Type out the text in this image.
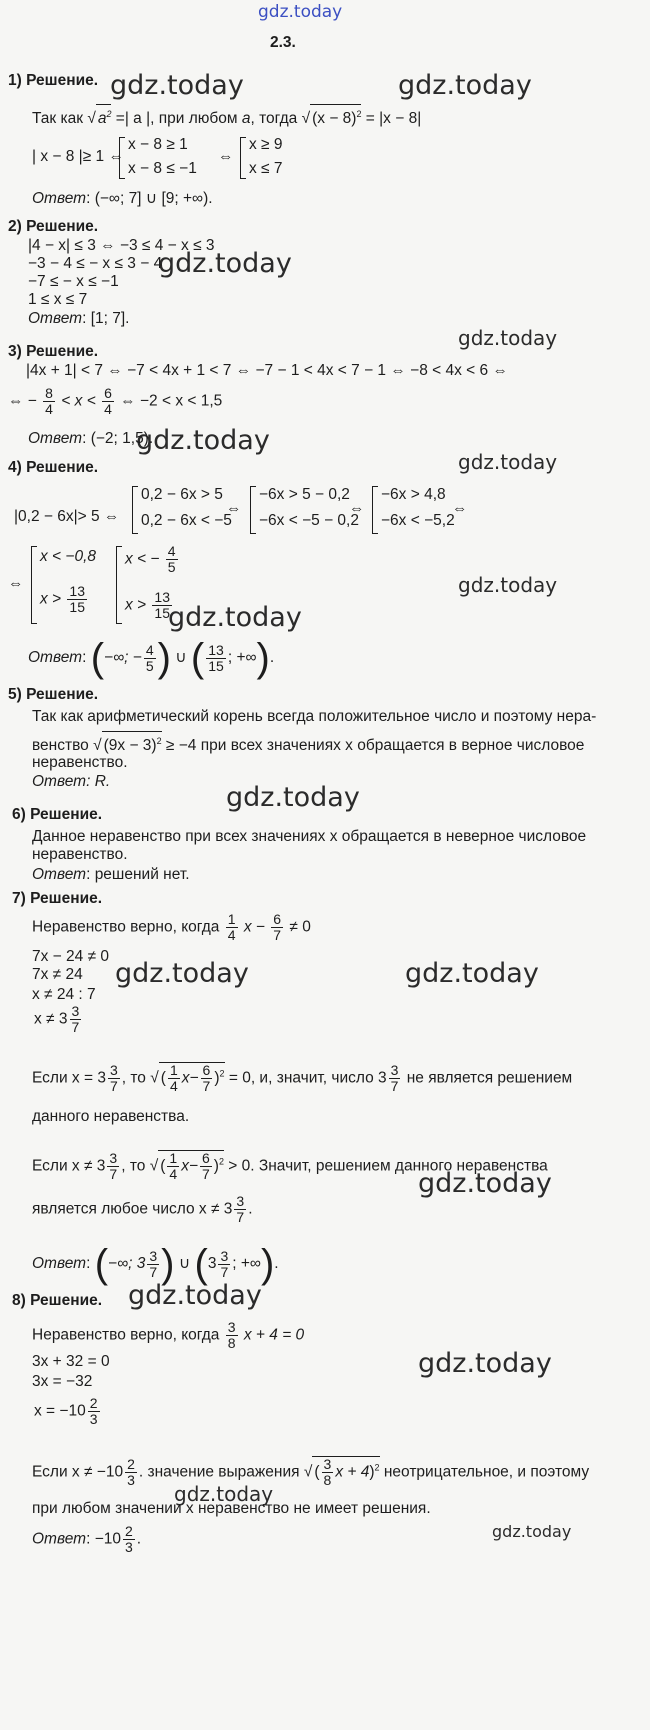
gdz.today
2.3.
gdz.today	gdz.today
gdz.today
gdz.today
gdz.today
gdz.today
gdz.today
gdz.today
gdz.today
gdz.today	gdz.today
gdz.today
gdz.today
gdz.today
gdz.today
gdz.today
1) Решение.
Так как √ $a^2$ =| a |, при любом a, тогда √ $(x - 8)^2 = |x - 8|$
| x − 8 |≥ 1 ⇔
x − 8 ≥ 1
x − 8 ≤ −1
⇔
x ≥ 9
x ≤ 7
Ответ: (−∞; 7] ∪ [9; +∞).
2) Решение.
|4 − x| ≤ 3 ⇔ −3 ≤ 4 − x ≤ 3
−3 − 4 ≤ − x ≤ 3 − 4
−7 ≤ − x ≤ −1
1 ≤ x ≤ 7
Ответ: [1; 7].
3) Решение.
|4x + 1| < 7 ⇔ −7 < 4x + 1 < 7 ⇔ −7 − 1 < 4x < 7 − 1 ⇔ −8 < 4x < 6 ⇔
⇔ − $\frac{8}{4} < x < \frac{6}{4}$ ⇔ −2 < x < 1,5
Ответ: (−2; 1,5).
4) Решение.
|0,2 − 6x|> 5 ⇔
0,2 − 6x > 5
0,2 − 6x < −5
⇔
−6x > 5 − 0,2
−6x < −5 − 0,2
⇔
−6x > 4,8
−6x < −5,2
⇔
⇔
x < −0,8
$x > \frac{13}{15}$
x < − $\frac{4}{5}$
$x > \frac{13}{15}$
Ответ: (−∞; − $\frac{4}{5}$ ) ∪ ( $\frac{13}{15}$ ; +∞).
5) Решение.
Так как арифметический корень всегда положительное число и поэтому нера-
венство √ $(9x - 3)^2 \ge -4$ при всех значениях x обращается в верное числовое
неравенство.
Ответ: R.
6) Решение.
Данное неравенство при всех значениях x обращается в неверное числовое
неравенство.
Ответ: решений нет.
7) Решение.
Неравенство верно, когда $\frac{1}{4}$ $x - \frac{6}{7} \ne 0$
7x − 24 ≠ 0
7x ≠ 24
x ≠ 24 : 7
$x \ne 3 \frac{3}{7}$
Если $x = 3 \frac{3}{7}$ , то √ ( $\frac{1}{4} x- \frac{6}{7} )^2 = 0$, и, значит, число $3 \frac{3}{7}$ не является решением
данного неравенства.
Если $x \ne 3 \frac{3}{7}$ , то √ ( $\frac{1}{4} x- \frac{6}{7} )^2 > 0$. Значит, решением данного неравенства
является любое число $x \ne 3 \frac{3}{7}$ .
Ответ: (−∞; $3 \frac{3}{7}$ ) ∪ ($3 \frac{3}{7}$ ; +∞).
8) Решение.
Неравенство верно, когда $\frac{3}{8}$ x + 4 = 0
3x + 32 = 0
3x = −32
$x = -10 \frac{2}{3}$
Если $x \ne -10 \frac{2}{3}$ . значение выражения √ ( $\frac{3}{8}$ x + 4)$^2$ неотрицательное, и поэтому
при любом значении x неравенство не имеет решения.
Ответ: $-10 \frac{2}{3}$ .
